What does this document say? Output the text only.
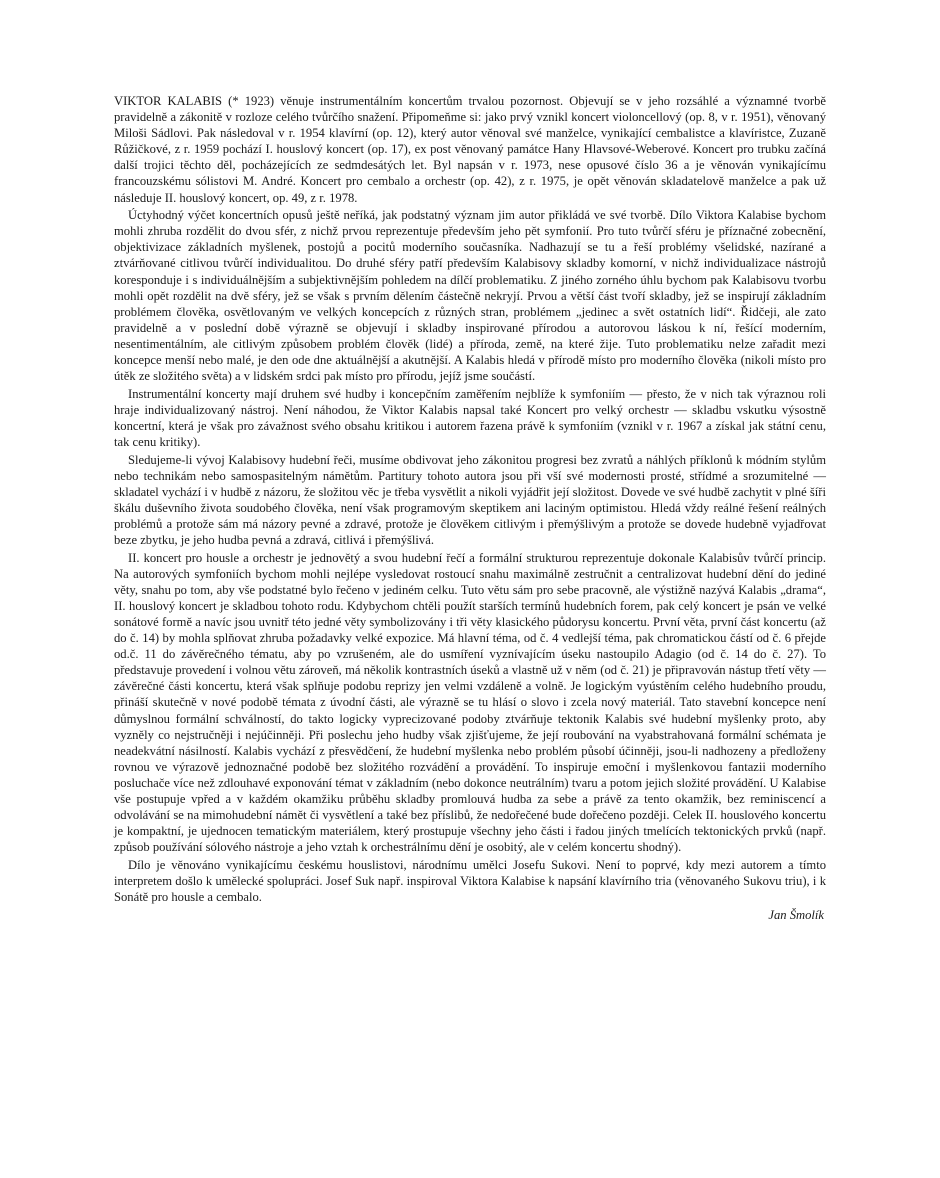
VIKTOR KALABIS (* 1923) věnuje instrumentálním koncertům trvalou pozornost. Objevují se v jeho rozsáhlé a významné tvorbě pravidelně a zákonitě v rozloze celého tvůrčího snažení. Připomeňme si: jako prvý vznikl koncert violoncellový (op. 8, v r. 1951), věnovaný Miloši Sádlovi. Pak následoval v r. 1954 klavírní (op. 12), který autor věnoval své manželce, vynikající cembalistce a klavíristce, Zuzaně Růžičkové, z r. 1959 pochází I. houslový koncert (op. 17), ex post věnovaný památce Hany Hlavsové-Weberové. Koncert pro trubku začíná další trojici těchto děl, pocházejících ze sedmdesátých let. Byl napsán v r. 1973, nese opusové číslo 36 a je věnován vynikajícímu francouzskému sólistovi M. André. Koncert pro cembalo a orchestr (op. 42), z r. 1975, je opět věnován skladatelově manželce a pak už následuje II. houslový koncert, op. 49, z r. 1978.

Úctyhodný výčet koncertních opusů ještě neříká, jak podstatný význam jim autor přikládá ve své tvorbě. Dílo Viktora Kalabise bychom mohli zhruba rozdělit do dvou sfér, z nichž prvou reprezentuje především jeho pět symfonií. Pro tuto tvůrčí sféru je příznačné zobecnění, objektivizace základních myšlenek, postojů a pocitů moderního současníka. Nadhazují se tu a řeší problémy všelidské, nazírané a ztvárňované citlivou tvůrčí individualitou. Do druhé sféry patří především Kalabisovy skladby komorní, v nichž individualizace nástrojů koresponduje i s individuálnějším a subjektivnějším pohledem na dílčí problematiku. Z jiného zorného úhlu bychom pak Kalabisovu tvorbu mohli opět rozdělit na dvě sféry, jež se však s prvním dělením částečně nekryjí. Prvou a větší část tvoří skladby, jež se inspirují základním problémem člověka, osvětlovaným ve velkých koncepcích z různých stran, problémem „jedinec a svět ostatních lidí“. Řidčeji, ale zato pravidelně a v poslední době výrazně se objevují i skladby inspirované přírodou a autorovou láskou k ní, řešící moderním, nesentimentálním, ale citlivým způsobem problém člověk (lidé) a příroda, země, na které žije. Tuto problematiku nelze zařadit mezi koncepce menší nebo malé, je den ode dne aktuálnější a akutnější. A Kalabis hledá v přírodě místo pro moderního člověka (nikoli místo pro útěk ze složitého světa) a v lidském srdci pak místo pro přírodu, jejíž jsme součástí.

Instrumentální koncerty mají druhem své hudby i koncepčním zaměřením nejblíže k symfoniím — přesto, že v nich tak výraznou roli hraje individualizovaný nástroj. Není náhodou, že Viktor Kalabis napsal také Koncert pro velký orchestr — skladbu vskutku výsostně koncertní, která je však pro závažnost svého obsahu kritikou i autorem řazena právě k symfoniím (vznikl v r. 1967 a získal jak státní cenu, tak cenu kritiky).

Sledujeme-li vývoj Kalabisovy hudební řeči, musíme obdivovat jeho zákonitou progresi bez zvratů a náhlých příklonů k módním stylům nebo technikám nebo samospasitelným námětům. Partitury tohoto autora jsou při vší své modernosti prosté, střídmé a srozumitelné — skladatel vychází i v hudbě z názoru, že složitou věc je třeba vysvětlit a nikoli vyjádřit její složitost. Dovede ve své hudbě zachytit v plné šíři škálu duševního života soudobého člověka, není však programovým skeptikem ani laciným optimistou. Hledá vždy reálné řešení reálných problémů a protože sám má názory pevné a zdravé, protože je člověkem citlivým i přemýšlivým a protože se dovede hudebně vyjadřovat beze zbytku, je jeho hudba pevná a zdravá, citlivá i přemýšlivá.

II. koncert pro housle a orchestr je jednovětý a svou hudební řečí a formální strukturou reprezentuje dokonale Kalabisův tvůrčí princip. Na autorových symfoniích bychom mohli nejlépe vysledovat rostoucí snahu maximálně zestručnit a centralizovat hudební dění do jediné věty, snahu po tom, aby vše podstatné bylo řečeno v jediném celku. Tuto větu sám pro sebe pracovně, ale výstižně nazývá Kalabis „drama“, II. houslový koncert je skladbou tohoto rodu. Kdybychom chtěli použít starších termínů hudebních forem, pak celý koncert je psán ve velké sonátové formě a navíc jsou uvnitř této jedné věty symbolizovány i tři věty klasického půdorysu koncertu. První věta, první část koncertu (až do č. 14) by mohla splňovat zhruba požadavky velké expozice. Má hlavní téma, od č. 4 vedlejší téma, pak chromatickou částí od č. 6 přejde od.č. 11 do závěrečného tématu, aby po vzrušeném, ale do usmíření vyznívajícím úseku nastoupilo Adagio (od č. 14 do č. 27). To představuje provedení i volnou větu zároveň, má několik kontrastních úseků a vlastně už v něm (od č. 21) je připravován nástup třetí věty — závěrečné části koncertu, která však splňuje podobu reprizy jen velmi vzdáleně a volně. Je logickým vyústěním celého hudebního proudu, přináší skutečně v nové podobě témata z úvodní části, ale výrazně se tu hlásí o slovo i zcela nový materiál. Tato stavební koncepce není důmyslnou formální schválností, do takto logicky vyprecizované podoby ztvárňuje tektonik Kalabis své hudební myšlenky proto, aby vyzněly co nejstručněji i nejúčinněji. Při poslechu jeho hudby však zjišťujeme, že její roubování na vyabstrahovaná formální schémata je neadekvátní násilností. Kalabis vychází z přesvědčení, že hudební myšlenka nebo problém působí účinněji, jsou-li nadhozeny a předloženy rovnou ve výrazově jednoznačné podobě bez složitého rozvádění a provádění. To inspiruje emoční i myšlenkovou fantazii moderního posluchače více než zdlouhavé exponování témat v základním (nebo dokonce neutrálním) tvaru a potom jejich složité provádění. U Kalabise vše postupuje vpřed a v každém okamžiku průběhu skladby promlouvá hudba za sebe a právě za tento okamžik, bez reminiscencí a odvolávání se na mimohudební námět či vysvětlení a také bez příslibů, že nedořečené bude dořečeno později. Celek II. houslového koncertu je kompaktní, je ujednocen tematickým materiálem, který prostupuje všechny jeho části i řadou jiných tmelících tektonických prvků (např. způsob používání sólového nástroje a jeho vztah k orchestrálnímu dění je osobitý, ale v celém koncertu shodný).

Dílo je věnováno vynikajícímu českému houslistovi, národnímu umělci Josefu Sukovi. Není to poprvé, kdy mezi autorem a tímto interpretem došlo k umělecké spolupráci. Josef Suk např. inspiroval Viktora Kalabise k napsání klavírního tria (věnovaného Sukovu triu), i k Sonátě pro housle a cembalo.

Jan Šmolík
